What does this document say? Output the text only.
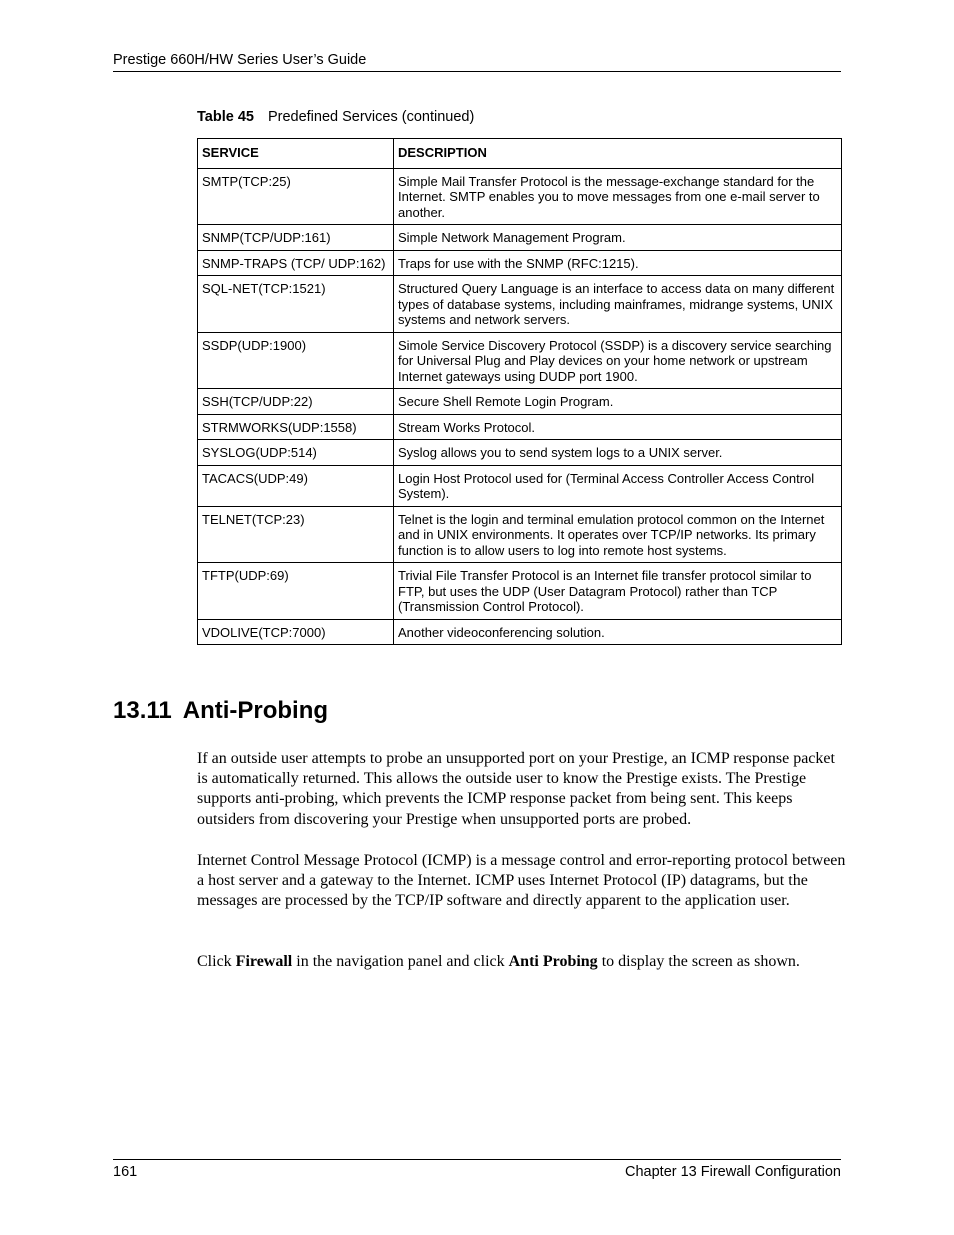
Prestige 660H/HW Series User’s Guide
Table 45 Predefined Services (continued)
SERVICE	DESCRIPTION
SMTP(TCP:25)	Simple Mail Transfer Protocol is the message-exchange standard for the Internet. SMTP enables you to move messages from one e-mail server to another.
SNMP(TCP/UDP:161)	Simple Network Management Program.
SNMP-TRAPS (TCP/ UDP:162)	Traps for use with the SNMP (RFC:1215).
SQL-NET(TCP:1521)	Structured Query Language is an interface to access data on many different types of database systems, including mainframes, midrange systems, UNIX systems and network servers.
SSDP(UDP:1900)	Simole Service Discovery Protocol (SSDP) is a discovery service searching for Universal Plug and Play devices on your home network or upstream Internet gateways using DUDP port 1900.
SSH(TCP/UDP:22)	Secure Shell Remote Login Program.
STRMWORKS(UDP:1558)	Stream Works Protocol.
SYSLOG(UDP:514)	Syslog allows you to send system logs to a UNIX server.
TACACS(UDP:49)	Login Host Protocol used for (Terminal Access Controller Access Control System).
TELNET(TCP:23)	Telnet is the login and terminal emulation protocol common on the Internet and in UNIX environments. It operates over TCP/IP networks. Its primary function is to allow users to log into remote host systems.
TFTP(UDP:69)	Trivial File Transfer Protocol is an Internet file transfer protocol similar to FTP, but uses the UDP (User Datagram Protocol) rather than TCP (Transmission Control Protocol).
VDOLIVE(TCP:7000)	Another videoconferencing solution.
13.11 Anti-Probing

If an outside user attempts to probe an unsupported port on your Prestige, an ICMP response packet is automatically returned. This allows the outside user to know the Prestige exists. The Prestige supports anti-probing, which prevents the ICMP response packet from being sent. This keeps outsiders from discovering your Prestige when unsupported ports are probed.

Internet Control Message Protocol (ICMP) is a message control and error-reporting protocol between a host server and a gateway to the Internet. ICMP uses Internet Protocol (IP) datagrams, but the messages are processed by the TCP/IP software and directly apparent to the application user.

Click Firewall in the navigation panel and click Anti Probing to display the screen as shown.

161	Chapter 13 Firewall Configuration
